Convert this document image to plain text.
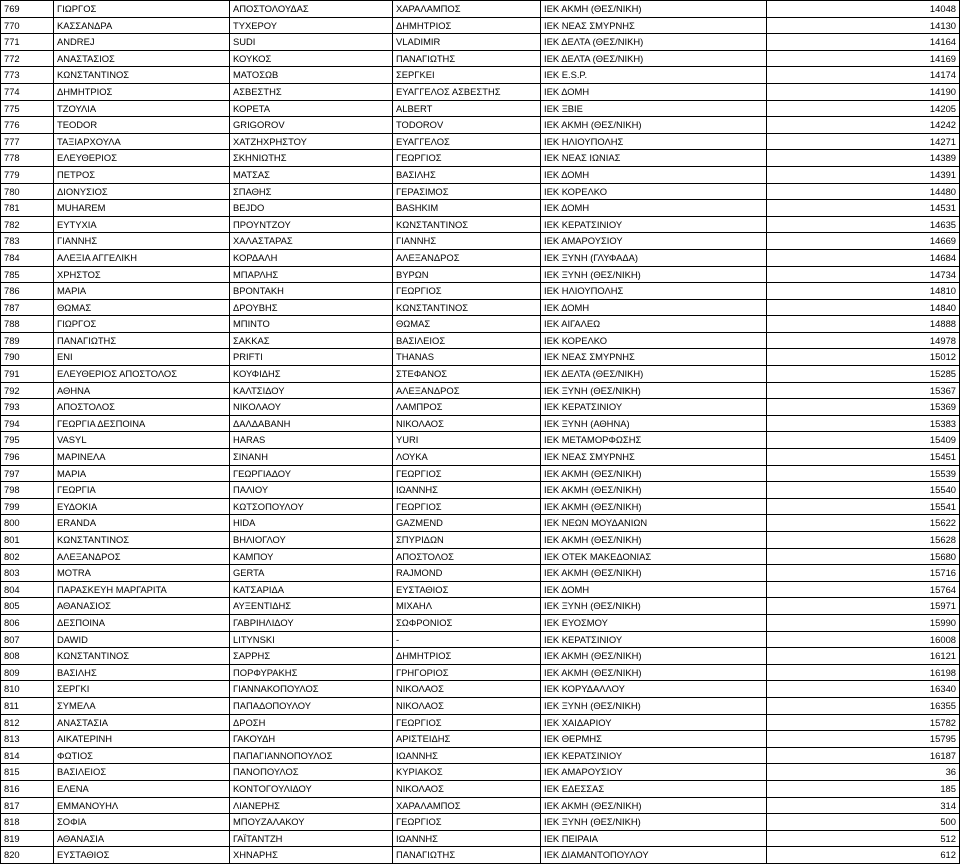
769	ΓΙΩΡΓΟΣ	ΑΠΟΣΤΟΛΟΥΔΑΣ	ΧΑΡΑΛΑΜΠΟΣ	ΙΕΚ ΑΚΜΗ (ΘΕΣ/ΝΙΚΗ)	14048
770	ΚΑΣΣΑΝΔΡΑ	ΤΥΧΕΡΟΥ	ΔΗΜΗΤΡΙΟΣ	ΙΕΚ ΝΕΑΣ ΣΜΥΡΝΗΣ	14130
771	ANDREJ	SUDI	VLADIMIR	ΙΕΚ ΔΕΛΤΑ (ΘΕΣ/ΝΙΚΗ)	14164
772	ΑΝΑΣΤΑΣΙΟΣ	ΚΟΥΚΟΣ	ΠΑΝΑΓΙΩΤΗΣ	ΙΕΚ ΔΕΛΤΑ (ΘΕΣ/ΝΙΚΗ)	14169
773	ΚΩΝΣΤΑΝΤΙΝΟΣ	ΜΑΤΟΣΩΒ	ΣΕΡΓΚΕΙ	ΙΕΚ E.S.P.	14174
774	ΔΗΜΗΤΡΙΟΣ	ΑΣΒΕΣΤΗΣ	ΕΥΑΓΓΕΛΟΣ ΑΣΒΕΣΤΗΣ	ΙΕΚ ΔΟΜΗ	14190
775	ΤΖΟΥΛΙΑ	ΚΟΡΕΤΑ	ALBERT	ΙΕΚ ΞΒΙΕ	14205
776	TEODOR	GRIGOROV	TODOROV	ΙΕΚ ΑΚΜΗ (ΘΕΣ/ΝΙΚΗ)	14242
777	ΤΑΞΙΑΡΧΟΥΛΑ	ΧΑΤΖΗΧΡΗΣΤΟΥ	ΕΥΑΓΓΕΛΟΣ	ΙΕΚ ΗΛΙΟΥΠΟΛΗΣ	14271
778	ΕΛΕΥΘΕΡΙΟΣ	ΣΚΗΝΙΩΤΗΣ	ΓΕΩΡΓΙΟΣ	ΙΕΚ ΝΕΑΣ ΙΩΝΙΑΣ	14389
779	ΠΕΤΡΟΣ	ΜΑΤΣΑΣ	ΒΑΣΙΛΗΣ	ΙΕΚ ΔΟΜΗ	14391
780	ΔΙΟΝΥΣΙΟΣ	ΣΠΑΘΗΣ	ΓΕΡΑΣΙΜΟΣ	ΙΕΚ ΚΟΡΕΛΚΟ	14480
781	MUHAREM	BEJDO	BASHKIM	ΙΕΚ ΔΟΜΗ	14531
782	ΕΥΤΥΧΙΑ	ΠΡΟΥΝΤΖΟΥ	ΚΩΝΣΤΑΝΤΙΝΟΣ	ΙΕΚ ΚΕΡΑΤΣΙΝΙΟΥ	14635
783	ΓΙΑΝΝΗΣ	ΧΑΛΑΣΤΑΡΑΣ	ΓΙΑΝΝΗΣ	ΙΕΚ ΑΜΑΡΟΥΣΙΟΥ	14669
784	ΑΛΕΞΙΑ ΑΓΓΕΛΙΚΗ	ΚΟΡΔΑΛΗ	ΑΛΕΞΑΝΔΡΟΣ	ΙΕΚ ΞΥΝΗ (ΓΛΥΦΑΔΑ)	14684
785	ΧΡΗΣΤΟΣ	ΜΠΑΡΛΗΣ	ΒΥΡΩΝ	ΙΕΚ ΞΥΝΗ (ΘΕΣ/ΝΙΚΗ)	14734
786	ΜΑΡΙΑ	ΒΡΟΝΤΑΚΗ	ΓΕΩΡΓΙΟΣ	ΙΕΚ ΗΛΙΟΥΠΟΛΗΣ	14810
787	ΘΩΜΑΣ	ΔΡΟΥΒΗΣ	ΚΩΝΣΤΑΝΤΙΝΟΣ	ΙΕΚ ΔΟΜΗ	14840
788	ΓΙΩΡΓΟΣ	ΜΠΙΝΤΟ	ΘΩΜΑΣ	ΙΕΚ ΑΙΓΑΛΕΩ	14888
789	ΠΑΝΑΓΙΩΤΗΣ	ΣΑΚΚΑΣ	ΒΑΣΙΛΕΙΟΣ	ΙΕΚ ΚΟΡΕΛΚΟ	14978
790	ENI	PRIFTI	THANAS	ΙΕΚ ΝΕΑΣ ΣΜΥΡΝΗΣ	15012
791	ΕΛΕΥΘΕΡΙΟΣ ΑΠΟΣΤΟΛΟΣ	ΚΟΥΦΙΔΗΣ	ΣΤΕΦΑΝΟΣ	ΙΕΚ ΔΕΛΤΑ (ΘΕΣ/ΝΙΚΗ)	15285
792	ΑΘΗΝΑ	ΚΑΛΤΣΙΔΟΥ	ΑΛΕΞΑΝΔΡΟΣ	ΙΕΚ ΞΥΝΗ (ΘΕΣ/ΝΙΚΗ)	15367
793	ΑΠΟΣΤΟΛΟΣ	ΝΙΚΟΛΑΟΥ	ΛΑΜΠΡΟΣ	ΙΕΚ ΚΕΡΑΤΣΙΝΙΟΥ	15369
794	ΓΕΩΡΓΙΑ ΔΕΣΠΟΙΝΑ	ΔΑΛΔΑΒΑΝΗ	ΝΙΚΟΛΑΟΣ	ΙΕΚ ΞΥΝΗ (ΑΘΗΝΑ)	15383
795	VASYL	HARAS	YURI	ΙΕΚ ΜΕΤΑΜΟΡΦΩΣΗΣ	15409
796	ΜΑΡΙΝΕΛΑ	ΣΙΝΑΝΗ	ΛΟΥΚΑ	ΙΕΚ ΝΕΑΣ ΣΜΥΡΝΗΣ	15451
797	ΜΑΡΙΑ	ΓΕΩΡΓΙΑΔΟΥ	ΓΕΩΡΓΙΟΣ	ΙΕΚ ΑΚΜΗ (ΘΕΣ/ΝΙΚΗ)	15539
798	ΓΕΩΡΓΙΑ	ΠΑΛΙΟΥ	ΙΩΑΝΝΗΣ	ΙΕΚ ΑΚΜΗ (ΘΕΣ/ΝΙΚΗ)	15540
799	ΕΥΔΟΚΙΑ	ΚΩΤΣΟΠΟΥΛΟΥ	ΓΕΩΡΓΙΟΣ	ΙΕΚ ΑΚΜΗ (ΘΕΣ/ΝΙΚΗ)	15541
800	ERANDA	HIDA	GAZMEND	ΙΕΚ ΝΕΩΝ ΜΟΥΔΑΝΙΩΝ	15622
801	ΚΩΝΣΤΑΝΤΙΝΟΣ	ΒΗΛΙΟΓΛΟΥ	ΣΠΥΡΙΔΩΝ	ΙΕΚ ΑΚΜΗ (ΘΕΣ/ΝΙΚΗ)	15628
802	ΑΛΕΞΑΝΔΡΟΣ	ΚΑΜΠΟΥ	ΑΠΟΣΤΟΛΟΣ	ΙΕΚ ΟΤΕΚ ΜΑΚΕΔΟΝΙΑΣ	15680
803	MOTRA	GERTA	RAJMOND	ΙΕΚ ΑΚΜΗ (ΘΕΣ/ΝΙΚΗ)	15716
804	ΠΑΡΑΣΚΕΥΗ ΜΑΡΓΑΡΙΤΑ	ΚΑΤΣΑΡΙΔΑ	ΕΥΣΤΑΘΙΟΣ	ΙΕΚ ΔΟΜΗ	15764
805	ΑΘΑΝΑΣΙΟΣ	ΑΥΞΕΝΤΙΔΗΣ	ΜΙΧΑΗΛ	ΙΕΚ ΞΥΝΗ (ΘΕΣ/ΝΙΚΗ)	15971
806	ΔΕΣΠΟΙΝΑ	ΓΑΒΡΙΗΛΙΔΟΥ	ΣΩΦΡΟΝΙΟΣ	ΙΕΚ ΕΥΟΣΜΟΥ	15990
807	DAWID	LITYNSKI	-	ΙΕΚ ΚΕΡΑΤΣΙΝΙΟΥ	16008
808	ΚΩΝΣΤΑΝΤΙΝΟΣ	ΣΑΡΡΗΣ	ΔΗΜΗΤΡΙΟΣ	ΙΕΚ ΑΚΜΗ (ΘΕΣ/ΝΙΚΗ)	16121
809	ΒΑΣΙΛΗΣ	ΠΟΡΦΥΡΑΚΗΣ	ΓΡΗΓΟΡΙΟΣ	ΙΕΚ ΑΚΜΗ (ΘΕΣ/ΝΙΚΗ)	16198
810	ΣΕΡΓΚΙ	ΓΙΑΝΝΑΚΟΠΟΥΛΟΣ	ΝΙΚΟΛΑΟΣ	ΙΕΚ ΚΟΡΥΔΑΛΛΟΥ	16340
811	ΣΥΜΕΛΑ	ΠΑΠΑΔΟΠΟΥΛΟΥ	ΝΙΚΟΛΑΟΣ	ΙΕΚ ΞΥΝΗ (ΘΕΣ/ΝΙΚΗ)	16355
812	ΑΝΑΣΤΑΣΙΑ	ΔΡΟΣΗ	ΓΕΩΡΓΙΟΣ	ΙΕΚ ΧΑΙΔΑΡΙΟΥ	15782
813	ΑΙΚΑΤΕΡΙΝΗ	ΓΑΚΟΥΔΗ	ΑΡΙΣΤΕΙΔΗΣ	ΙΕΚ ΘΕΡΜΗΣ	15795
814	ΦΩΤΙΟΣ	ΠΑΠΑΓΙΑΝΝΟΠΟΥΛΟΣ	ΙΩΑΝΝΗΣ	ΙΕΚ ΚΕΡΑΤΣΙΝΙΟΥ	16187
815	ΒΑΣΙΛΕΙΟΣ	ΠΑΝΟΠΟΥΛΟΣ	ΚΥΡΙΑΚΟΣ	ΙΕΚ ΑΜΑΡΟΥΣΙΟΥ	36
816	ΕΛΕΝΑ	ΚΟΝΤΟΓΟΥΛΙΔΟΥ	ΝΙΚΟΛΑΟΣ	ΙΕΚ ΕΔΕΣΣΑΣ	185
817	ΕΜΜΑΝΟΥΗΛ	ΛΙΑΝΕΡΗΣ	ΧΑΡΑΛΑΜΠΟΣ	ΙΕΚ ΑΚΜΗ (ΘΕΣ/ΝΙΚΗ)	314
818	ΣΟΦΙΑ	ΜΠΟΥΖΑΛΑΚΟΥ	ΓΕΩΡΓΙΟΣ	ΙΕΚ ΞΥΝΗ (ΘΕΣ/ΝΙΚΗ)	500
819	ΑΘΑΝΑΣΙΑ	ΓΑΪΤΑΝΤΖΗ	ΙΩΑΝΝΗΣ	ΙΕΚ ΠΕΙΡΑΙΑ	512
820	ΕΥΣΤΑΘΙΟΣ	ΧΗΝΑΡΗΣ	ΠΑΝΑΓΙΩΤΗΣ	ΙΕΚ ΔΙΑΜΑΝΤΟΠΟΥΛΟΥ	612
